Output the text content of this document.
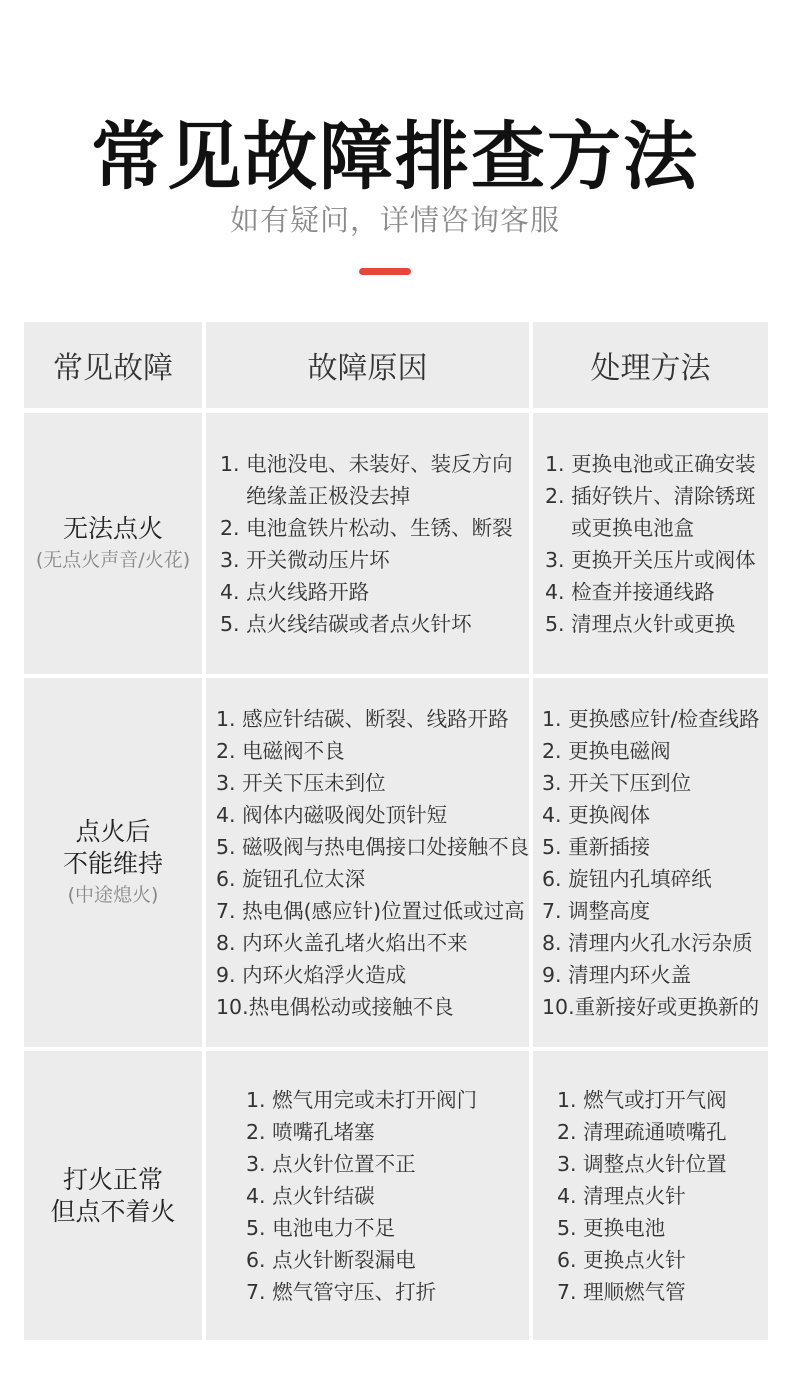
常见故障排查方法
如有疑问，详情咨询客服
常见故障	故障原因	处理方法
无法点火
(无点火声音/火花)
1. 电池没电、未装好、装反方向
绝缘盖正极没去掉
2. 电池盒铁片松动、生锈、断裂
3. 开关微动压片坏
4. 点火线路开路
5. 点火线结碳或者点火针坏
1. 更换电池或正确安装
2. 插好铁片、清除锈斑
或更换电池盒
3. 更换开关压片或阀体
4. 检查并接通线路
5. 清理点火针或更换
点火后
不能维持
(中途熄火)
1. 感应针结碳、断裂、线路开路
2. 电磁阀不良
3. 开关下压未到位
4. 阀体内磁吸阀处顶针短
5. 磁吸阀与热电偶接口处接触不良
6. 旋钮孔位太深
7. 热电偶(感应针)位置过低或过高
8. 内环火盖孔堵火焰出不来
9. 内环火焰浮火造成
10.热电偶松动或接触不良
1. 更换感应针/检查线路
2. 更换电磁阀
3. 开关下压到位
4. 更换阀体
5. 重新插接
6. 旋钮内孔填碎纸
7. 调整高度
8. 清理内火孔水污杂质
9. 清理内环火盖
10.重新接好或更换新的
打火正常
但点不着火
1. 燃气用完或未打开阀门
2. 喷嘴孔堵塞
3. 点火针位置不正
4. 点火针结碳
5. 电池电力不足
6. 点火针断裂漏电
7. 燃气管守压、打折
1. 燃气或打开气阀
2. 清理疏通喷嘴孔
3. 调整点火针位置
4. 清理点火针
5. 更换电池
6. 更换点火针
7. 理顺燃气管
